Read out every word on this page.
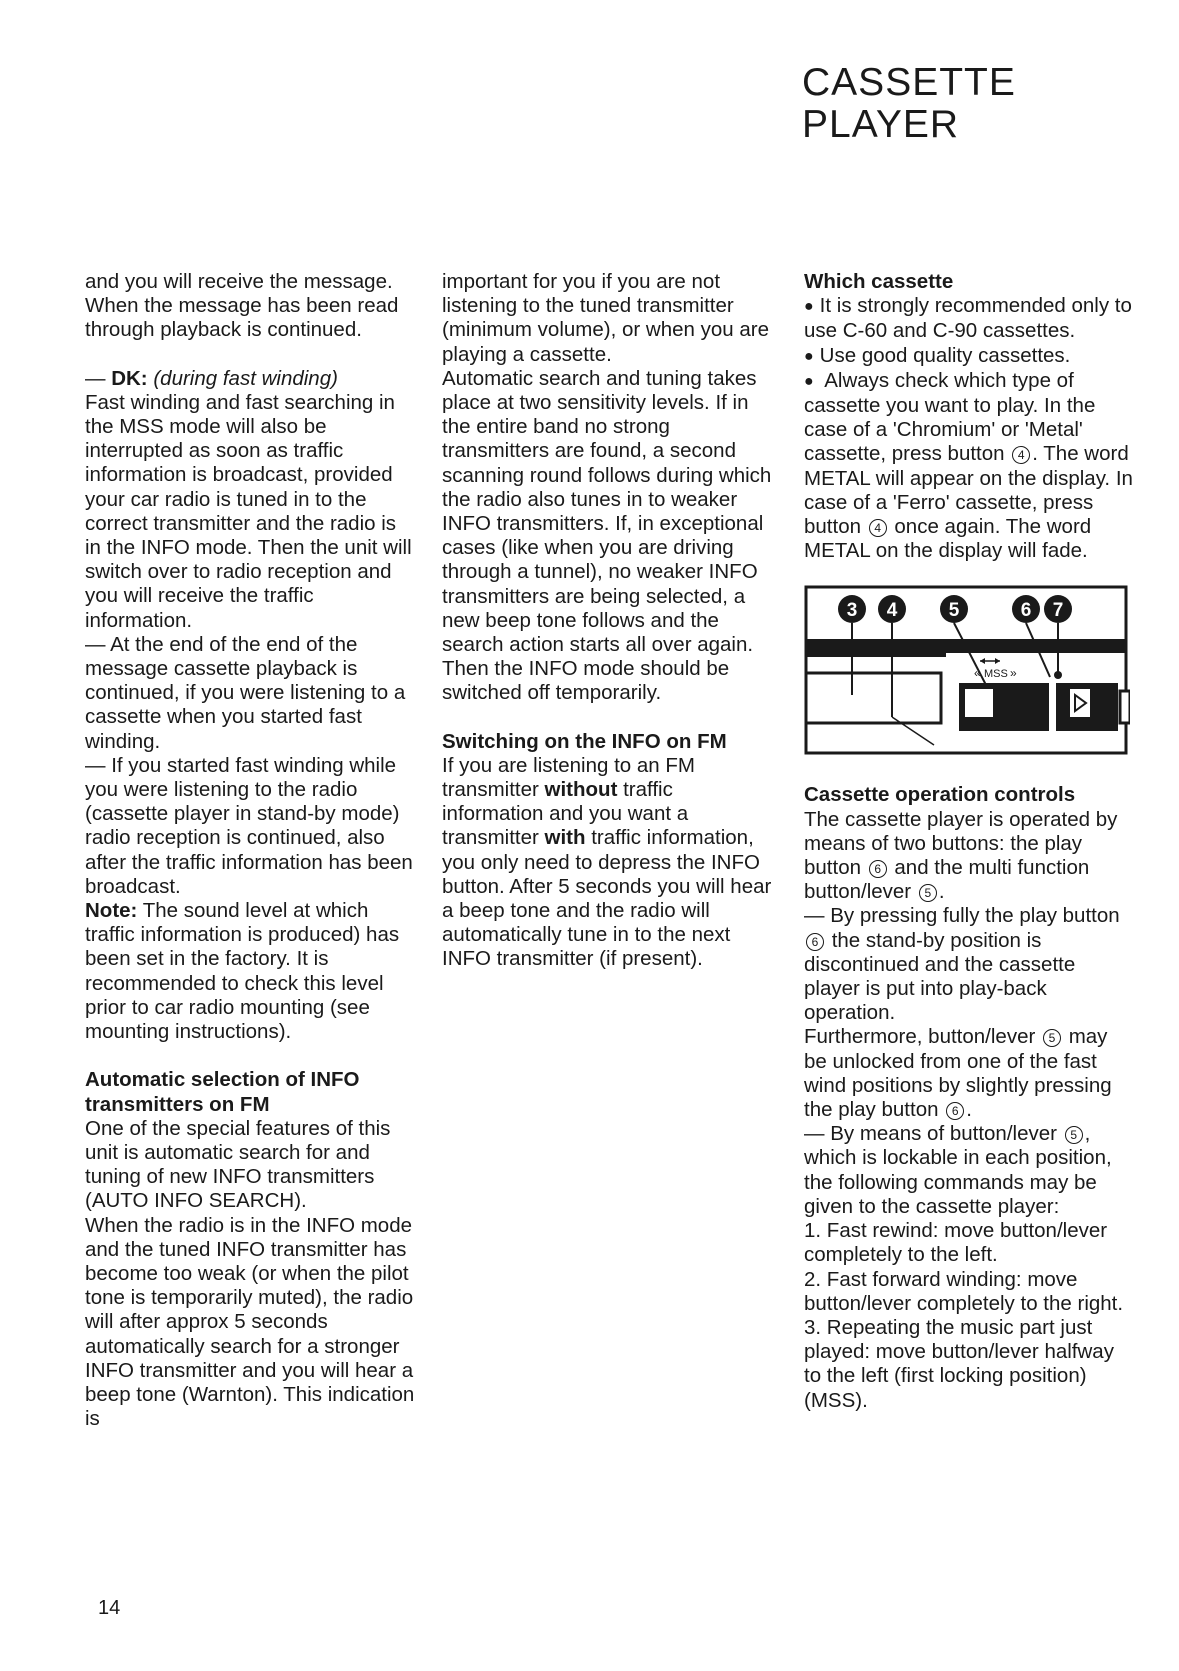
CASSETTE
PLAYER

and you will receive the message. When the message has been read through playback is continued.

— DK: (during fast winding)

Fast winding and fast searching in the MSS mode will also be interrupted as soon as traffic information is broadcast, provided your car radio is tuned in to the correct transmitter and the radio is in the INFO mode. Then the unit will switch over to radio reception and you will receive the traffic information.

— At the end of the end of the message cassette playback is continued, if you were listening to a cassette when you started fast winding.

— If you started fast winding while you were listening to the radio (cassette player in stand-by mode) radio reception is continued, also after the traffic information has been broadcast.

Note: The sound level at which traffic information is produced) has been set in the factory. It is recommended to check this level prior to car radio mounting (see mounting instructions).

Automatic selection of INFO transmitters on FM

One of the special features of this unit is automatic search for and tuning of new INFO transmitters (AUTO INFO SEARCH).

When the radio is in the INFO mode and the tuned INFO transmitter has become too weak (or when the pilot tone is temporarily muted), the radio will after approx 5 seconds automatically search for a stronger INFO transmitter and you will hear a beep tone (Warnton). This indication is

important for you if you are not listening to the tuned transmitter (minimum volume), or when you are playing a cassette.

Automatic search and tuning takes place at two sensitivity levels. If in the entire band no strong transmitters are found, a second scanning round follows during which the radio also tunes in to weaker INFO transmitters. If, in exceptional cases (like when you are driving through a tunnel), no weaker INFO transmitters are being selected, a new beep tone follows and the search action starts all over again. Then the INFO mode should be switched off temporarily.

Switching on the INFO on FM

If you are listening to an FM transmitter without traffic information and you want a transmitter with traffic information, you only need to depress the INFO button. After 5 seconds you will hear a beep tone and the radio will automatically tune in to the next INFO transmitter (if present).

Which cassette

● It is strongly recommended only to use C-60 and C-90 cassettes.

● Use good quality cassettes.

● Always check which type of cassette you want to play. In the case of a 'Chromium' or 'Metal' cassette, press button 4 . The word METAL will appear on the display. In case of a 'Ferro' cassette, press button 4 once again. The word METAL on the display will fade.

« MSS »
3 4	5	6 7

Cassette operation controls

The cassette player is operated by means of two buttons: the play button 6 and the multi function button/lever 5 .

— By pressing fully the play button 6 the stand-by position is discontinued and the cassette player is put into play-back operation.

Furthermore, button/lever 5 may be unlocked from one of the fast wind positions by slightly pressing the play button 6 .

— By means of button/lever 5 , which is lockable in each position, the following commands may be given to the cassette player:

1. Fast rewind: move button/lever completely to the left.

2. Fast forward winding: move button/lever completely to the right.

3. Repeating the music part just played: move button/lever halfway to the left (first locking position) (MSS).

14
